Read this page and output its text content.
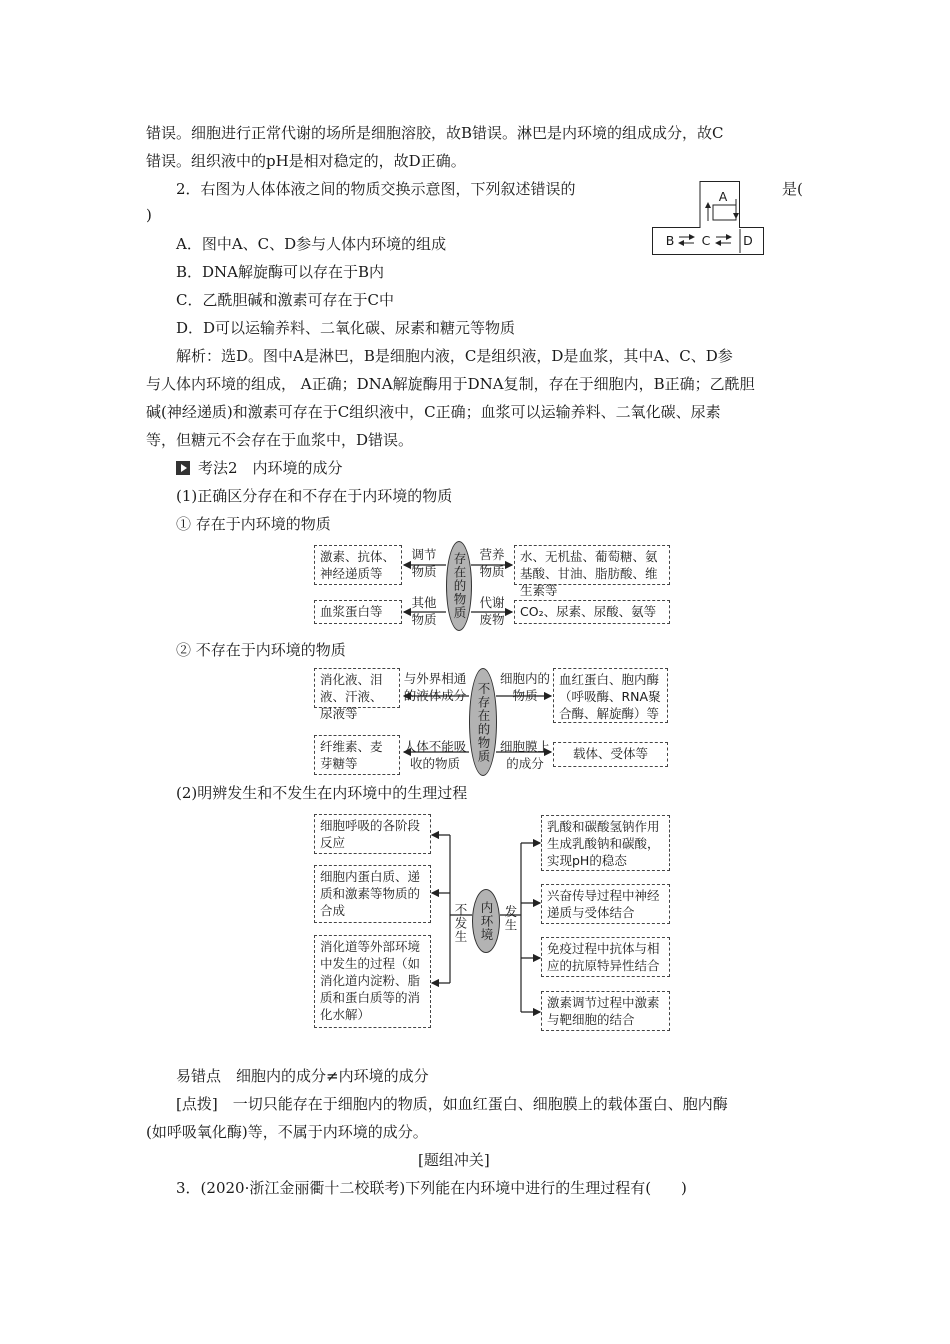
错误。细胞进行正常代谢的场所是细胞溶胶，故B错误。淋巴是内环境的组成成分，故C
错误。组织液中的pH是相对稳定的，故D正确。
2．右图为人体体液之间的物质交换示意图，下列叙述错误的	是(
)
A
B C	D
A．图中A、C、D参与人体内环境的组成
B．DNA解旋酶可以存在于B内
C．乙酰胆碱和激素可存在于C中
D．D可以运输养料、二氧化碳、尿素和糖元等物质
解析：选D。图中A是淋巴，B是细胞内液，C是组织液，D是血浆，其中A、C、D参
与人体内环境的组成， A正确；DNA解旋酶用于DNA复制，存在于细胞内，B正确；乙酰胆
碱(神经递质)和激素可存在于C组织液中，C正确；血浆可以运输养料、二氧化碳、尿素
等，但糖元不会存在于血浆中，D错误。
考法2　内环境的成分
(1)正确区分存在和不存在于内环境的物质
① 存在于内环境的物质
激素、抗体、神经递质等
调节物质
血浆蛋白等
其他物质	存在的物质 营养物质
水、无机盐、葡萄糖、氨基酸、甘油、脂肪酸、维生素等
代谢废物
CO₂、尿素、尿酸、氨等
② 不存在于内环境的物质
消化液、泪液、汗液、尿液等
与外界相通的液体成分
纤维素、麦芽糖等
人体不能吸收的物质
不存在的物质
细胞内的物质
血红蛋白、胞内酶（呼吸酶、RNA聚合酶、解旋酶）等
细胞膜上的成分
载体、受体等
(2)明辨发生和不发生在内环境中的生理过程
细胞呼吸的各阶段反应
细胞内蛋白质、递质和激素等物质的合成
消化道等外部环境中发生的过程（如消化道内淀粉、脂质和蛋白质等的消化水解）
不发生 内环境 发生
乳酸和碳酸氢钠作用生成乳酸钠和碳酸，实现pH的稳态
兴奋传导过程中神经递质与受体结合
免疫过程中抗体与相应的抗原特异性结合
激素调节过程中激素与靶细胞的结合
易错点　细胞内的成分≠内环境的成分
[点拨]　一切只能存在于细胞内的物质，如血红蛋白、细胞膜上的载体蛋白、胞内酶
(如呼吸氧化酶)等，不属于内环境的成分。
[题组冲关]
3．(2020·浙江金丽衢十二校联考)下列能在内环境中进行的生理过程有(　　)
